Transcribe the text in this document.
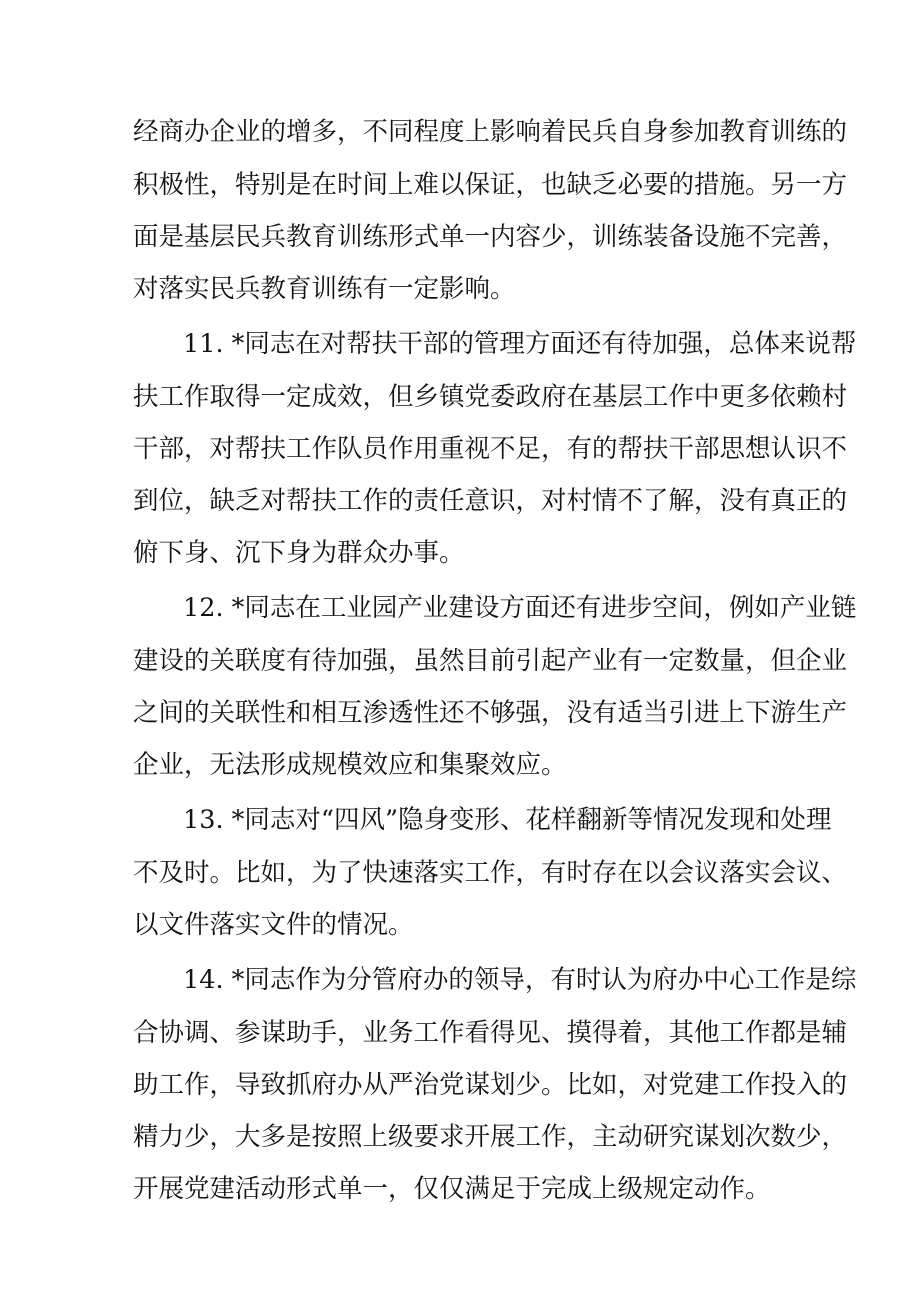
经商办企业的增多，不同程度上影响着民兵自身参加教育训练的
积极性，特别是在时间上难以保证，也缺乏必要的措施。另一方
面是基层民兵教育训练形式单一内容少，训练装备设施不完善，
对落实民兵教育训练有一定影响。
11. *同志在对帮扶干部的管理方面还有待加强，总体来说帮
扶工作取得一定成效，但乡镇党委政府在基层工作中更多依赖村
干部，对帮扶工作队员作用重视不足，有的帮扶干部思想认识不
到位，缺乏对帮扶工作的责任意识，对村情不了解，没有真正的
俯下身、沉下身为群众办事。
12. *同志在工业园产业建设方面还有进步空间，例如产业链
建设的关联度有待加强，虽然目前引起产业有一定数量，但企业
之间的关联性和相互渗透性还不够强，没有适当引进上下游生产
企业，无法形成规模效应和集聚效应。
13. *同志对“四风”隐身变形、花样翻新等情况发现和处理
不及时。比如，为了快速落实工作，有时存在以会议落实会议、
以文件落实文件的情况。
14. *同志作为分管府办的领导，有时认为府办中心工作是综
合协调、参谋助手，业务工作看得见、摸得着，其他工作都是辅
助工作，导致抓府办从严治党谋划少。比如，对党建工作投入的
精力少，大多是按照上级要求开展工作，主动研究谋划次数少，
开展党建活动形式单一，仅仅满足于完成上级规定动作。
